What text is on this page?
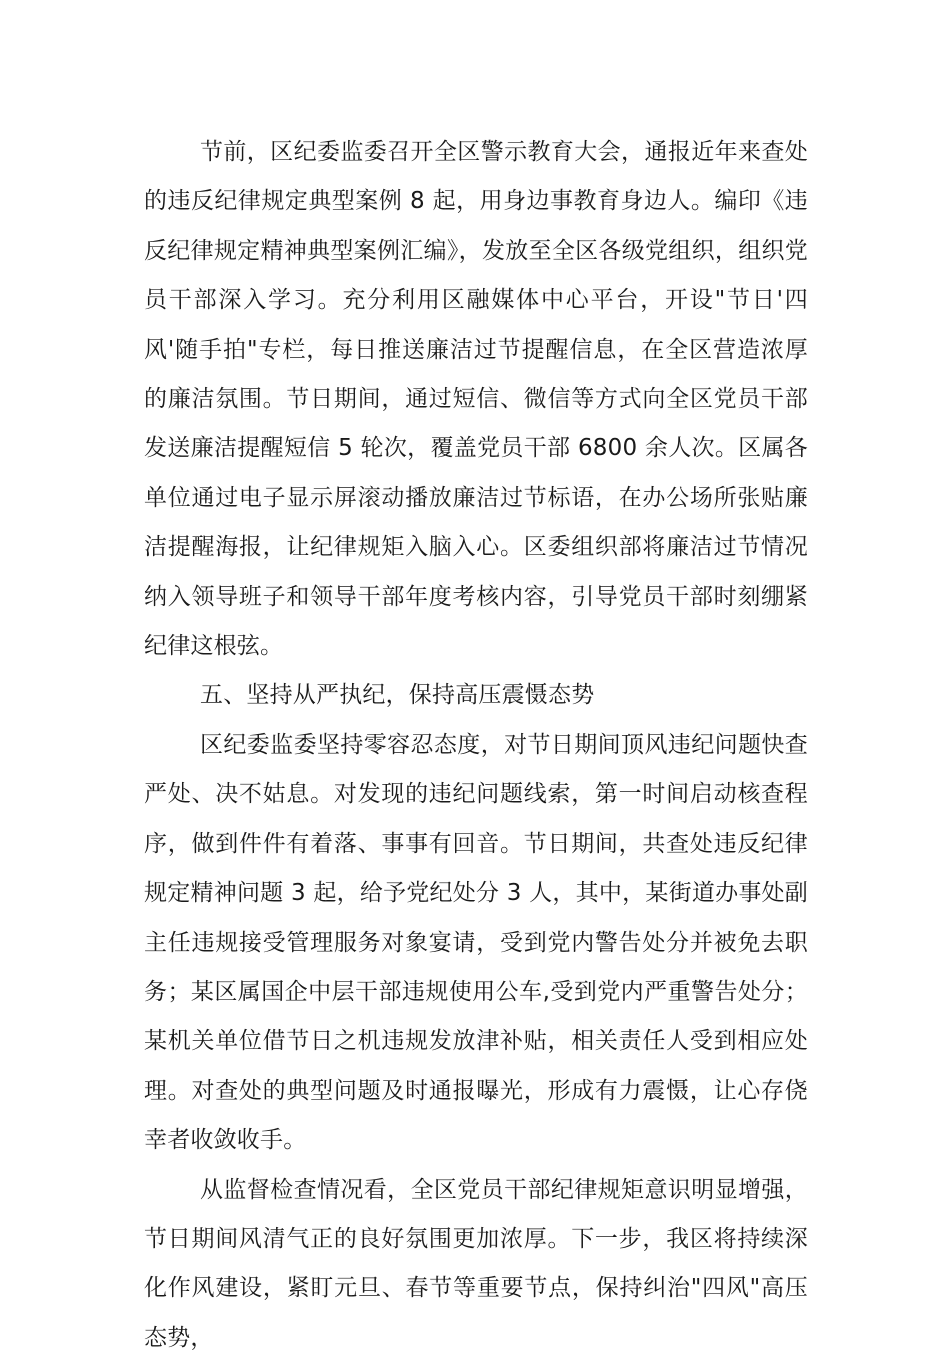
节前，区纪委监委召开全区警示教育大会，通报近年来查处的违反纪律规定典型案例 8 起，用身边事教育身边人。编印《违反纪律规定精神典型案例汇编》，发放至全区各级党组织，组织党员干部深入学习。充分利用区融媒体中心平台，开设"节日'四风'随手拍"专栏，每日推送廉洁过节提醒信息，在全区营造浓厚的廉洁氛围。节日期间，通过短信、微信等方式向全区党员干部发送廉洁提醒短信 5 轮次，覆盖党员干部 6800 余人次。区属各单位通过电子显示屏滚动播放廉洁过节标语，在办公场所张贴廉洁提醒海报，让纪律规矩入脑入心。区委组织部将廉洁过节情况纳入领导班子和领导干部年度考核内容，引导党员干部时刻绷紧纪律这根弦。

五、坚持从严执纪，保持高压震慑态势

区纪委监委坚持零容忍态度，对节日期间顶风违纪问题快查严处、决不姑息。对发现的违纪问题线索，第一时间启动核查程序，做到件件有着落、事事有回音。节日期间，共查处违反纪律规定精神问题 3 起，给予党纪处分 3 人，其中，某街道办事处副主任违规接受管理服务对象宴请，受到党内警告处分并被免去职务；某区属国企中层干部违规使用公车,受到党内严重警告处分；某机关单位借节日之机违规发放津补贴，相关责任人受到相应处理。对查处的典型问题及时通报曝光，形成有力震慑，让心存侥幸者收敛收手。

从监督检查情况看，全区党员干部纪律规矩意识明显增强，节日期间风清气正的良好氛围更加浓厚。下一步，我区将持续深化作风建设，紧盯元旦、春节等重要节点，保持纠治"四风"高压态势，
